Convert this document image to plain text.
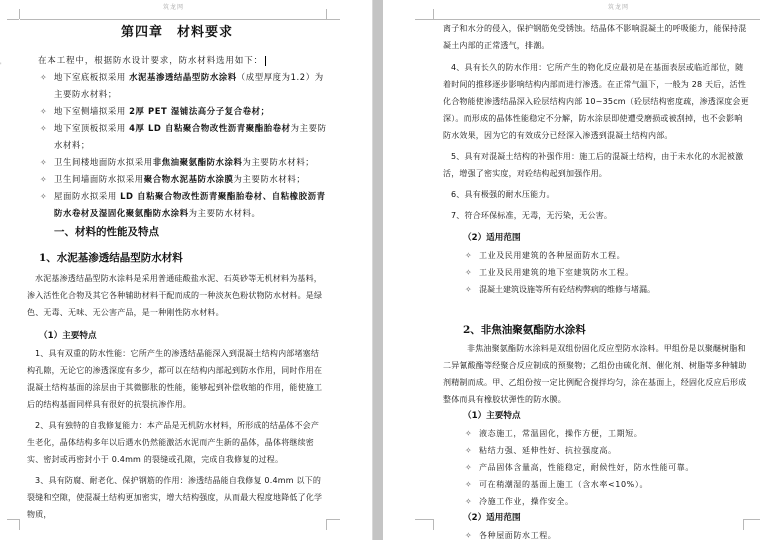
筑龙网
'
第四章　材料要求

在本工程中，根据防水设计要求，防水材料选用如下：

✧ 地下室底板拟采用 水泥基渗透结晶型防水涂料（成型厚度为1.2）为主要防水材料；
✧ 地下室侧墙拟采用 2厚 PET 湿铺法高分子复合卷材；
✧ 地下室顶板拟采用 4厚 LD 自粘聚合物改性沥青聚酯胎卷材为主要防水材料；
✧ 卫生间楼地面防水拟采用非焦油聚氨酯防水涂料为主要防水材料；
✧ 卫生间墙面防水拟采用聚合物水泥基防水涂膜为主要防水材料；
✧ 屋面防水拟采用 LD 自粘聚合物改性沥青聚酯胎卷材、自粘橡胶沥青防水卷材及湿固化聚氨酯防水涂料为主要防水材料。
一、材料的性能及特点
1、水泥基渗透结晶型防水材料

水泥基渗透结晶型防水涂料是采用普通硅酸盐水泥、石英砂等无机材料为基料，渗入活性化合物及其它各种辅助材料干配而成的一种淡灰色粉状物防水材料。是绿色、无毒、无味、无公害产品，是一种刚性防水材料。

（1）主要特点

1、具有双重的防水性能：它所产生的渗透结晶能深入到混凝土结构内部堵塞结构孔隙，无论它的渗透深度有多少，都可以在结构内部起到防水作用，同时作用在混凝土结构基面的涂层由于其微膨胀的性能，能够起到补偿收缩的作用，能使施工后的结构基面同样具有很好的抗裂抗渗作用。

2、具有独特的自我修复能力：本产品是无机防水材料，所形成的结晶体不会产生老化，晶体结构多年以后遇水仍然能激活水泥而产生新的晶体，晶体将继续密实、密封或再密封小于 0.4mm 的裂缝或孔隙，完成自我修复的过程。

3、具有防腐、耐老化、保护钢筋的作用：渗透结晶能自我修复 0.4mm 以下的裂缝和空隙，使混凝土结构更加密实，增大结构强度，从而最大程度地降低了化学物质，

筑龙网

离子和水分的侵入，保护钢筋免受锈蚀。结晶体不影响混凝土的呼吸能力，能保持混凝土内部的正常透气，排潮。

4、具有长久的防水作用：它所产生的物化反应最初是在基面表层或临近部位，随着时间的推移逐步影响结构内部而进行渗透。在正常气温下，一般为 28 天后，活性化合物能使渗透结晶深入砼层结构内部 10~35cm（砼层结构密度疏，渗透深度会更深）。而形成的晶体性能稳定不分解，防水涂层即使遭受磨损或被刮掉，也不会影响防水效果，因为它的有效成分已经深入渗透到混凝土结构内部。

5、具有对混凝土结构的补强作用：施工后的混凝土结构，由于未水化的水泥被激活，增强了密实度，对砼结构起到加强作用。

6、具有极强的耐水压能力。

7、符合环保标准，无毒，无污染，无公害。

（2）适用范围
✧ 工业及民用建筑的各种屋面防水工程。
✧ 工业及民用建筑的地下室建筑防水工程。
✧ 混凝土建筑设施等所有砼结构弊病的维修与堵漏。
2、非焦油聚氨酯防水涂料

非焦油聚氨酯防水涂料是双组份固化反应型防水涂料。甲组份是以聚醚树脂和二异氰酸酯等经聚合反应制成的预聚物；乙组份由硫化剂、催化剂、树脂等多种辅助剂精制而成。甲、乙组份按一定比例配合搅拌均匀，涂在基面上，经固化反应后形成整体而具有橡胶状弹性的防水膜。

（1）主要特点
✧ 液态施工，常温固化，操作方便，工期短。
✧ 粘结力强、延伸性好、抗拉强度高。
✧ 产品固体含量高，性能稳定，耐候性好，防水性能可靠。
✧ 可在稍潮湿的基面上施工（含水率<10%）。
✧ 冷施工作业，操作安全。
（2）适用范围
✧ 各种屋面防水工程。
